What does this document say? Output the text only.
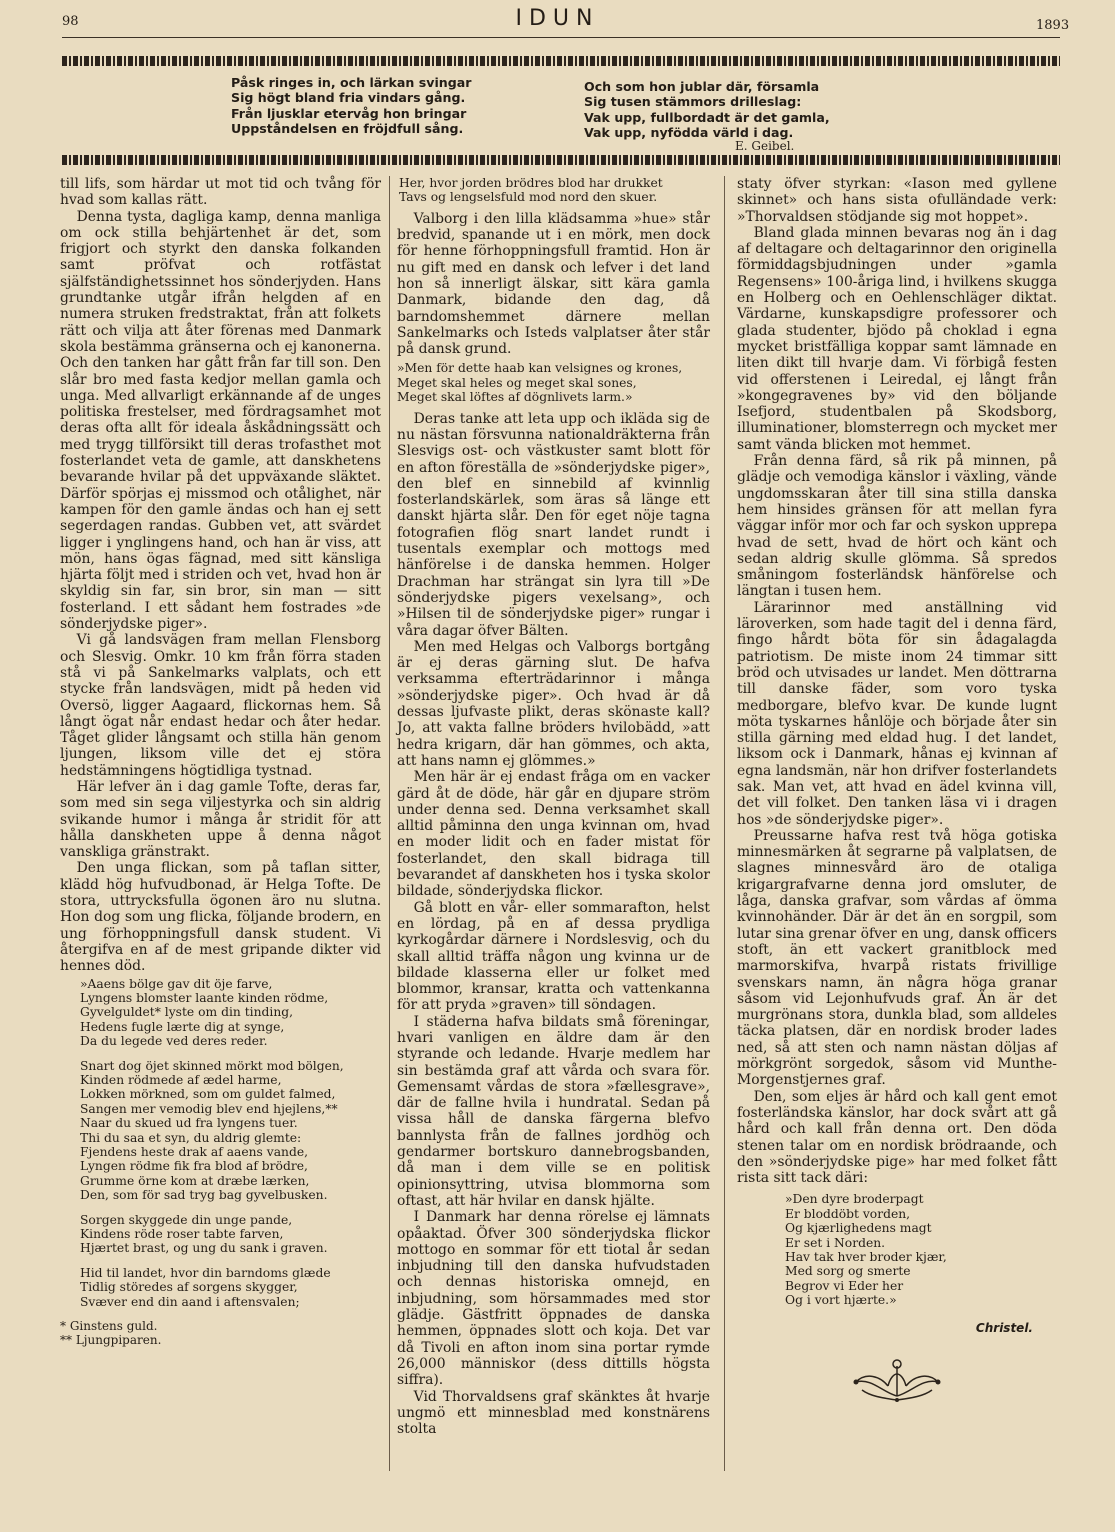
98	IDUN	1893

Påsk ringes in, och lärkan svingar

Sig högt bland fria vindars gång.

Från ljusklar etervåg hon bringar

Uppståndelsen en fröjdfull sång.

Och som hon jublar där, församla

Sig tusen stämmors drilleslag:

Vak upp, fullbordadt är det gamla,

Vak upp, nyfödda värld i dag.

E. Geibel.

till lifs, som härdar ut mot tid och tvång för hvad som kallas rätt.

Denna tysta, dagliga kamp, denna manliga om ock stilla behjärtenhet är det, som frigjort och styrkt den danska folkanden samt pröfvat och rotfästat själfständighetssinnet hos sönderjyden. Hans grundtanke utgår ifrån helgden af en numera struken fredstraktat, från att folkets rätt och vilja att åter förenas med Danmark skola bestämma gränserna och ej kanonerna. Och den tanken har gått från far till son. Den slår bro med fasta kedjor mellan gamla och unga. Med allvarligt erkännande af de unges politiska frestelser, med fördragsamhet mot deras ofta allt för ideala åskådningssätt och med trygg tillförsikt till deras trofasthet mot fosterlandet veta de gamle, att danskhetens bevarande hvilar på det uppväxande släktet. Därför spörjas ej missmod och otålighet, när kampen för den gamle ändas och han ej sett segerdagen randas. Gubben vet, att svärdet ligger i ynglingens hand, och han är viss, att mön, hans ögas fägnad, med sitt känsliga hjärta följt med i striden och vet, hvad hon är skyldig sin far, sin bror, sin man — sitt fosterland. I ett sådant hem fostrades »de sönderjydske piger».

Vi gå landsvägen fram mellan Flensborg och Slesvig. Omkr. 10 km från förra staden stå vi på Sankelmarks valplats, och ett stycke från landsvägen, midt på heden vid Oversö, ligger Aagaard, flickornas hem. Så långt ögat når endast hedar och åter hedar. Tåget glider långsamt och stilla hän genom ljungen, liksom ville det ej störa hedstämningens högtidliga tystnad.

Här lefver än i dag gamle Tofte, deras far, som med sin sega viljestyrka och sin aldrig svikande humor i många år stridit för att hålla danskheten uppe å denna något vanskliga gränstrakt.

Den unga flickan, som på taflan sitter, klädd hög hufvudbonad, är Helga Tofte. De stora, uttrycksfulla ögonen äro nu slutna. Hon dog som ung flicka, följande brodern, en ung förhoppningsfull dansk student. Vi återgifva en af de mest gripande dikter vid hennes död.

»Aaens bölge gav dit öje farve,

Lyngens blomster laante kinden rödme,

Gyvelguldet* lyste om din tinding,

Hedens fugle lærte dig at synge,

Da du legede ved deres reder.

Snart dog öjet skinned mörkt mod bölgen,

Kinden rödmede af ædel harme,

Lokken mörkned, som om guldet falmed,

Sangen mer vemodig blev end hjejlens,**

Naar du skued ud fra lyngens tuer.

Thi du saa et syn, du aldrig glemte:

Fjendens heste drak af aaens vande,

Lyngen rödme fik fra blod af brödre,

Grumme örne kom at dræbe lærken,

Den, som för sad tryg bag gyvelbusken.

Sorgen skyggede din unge pande,

Kindens röde roser tabte farven,

Hjærtet brast, og ung du sank i graven.

Hid til landet, hvor din barndoms glæde

Tidlig störedes af sorgens skygger,

Svæver end din aand i aftensvalen;

* Ginstens guld.

** Ljungpiparen.

Her, hvor jorden brödres blod har drukket

Tavs og lengselsfuld mod nord den skuer.

Valborg i den lilla klädsamma »hue» står bredvid, spanande ut i en mörk, men dock för henne förhoppningsfull framtid. Hon är nu gift med en dansk och lefver i det land hon så innerligt älskar, sitt kära gamla Danmark, bidande den dag, då barndomshemmet därnere mellan Sankelmarks och Isteds valplatser åter står på dansk grund.

»Men för dette haab kan velsignes og krones,

Meget skal heles og meget skal sones,

Meget skal löftes af dögnlivets larm.»

Deras tanke att leta upp och ikläda sig de nu nästan försvunna nationaldräkterna från Slesvigs ost- och västkuster samt blott för en afton föreställa de »sönderjydske piger», den blef en sinnebild af kvinnlig fosterlandskärlek, som äras så länge ett danskt hjärta slår. Den för eget nöje tagna fotografien flög snart landet rundt i tusentals exemplar och mottogs med hänförelse i de danska hemmen. Holger Drachman har strängat sin lyra till »De sönderjydske pigers vexelsang», och »Hilsen til de sönderjydske piger» rungar i våra dagar öfver Bälten.

Men med Helgas och Valborgs bortgång är ej deras gärning slut. De hafva verksamma efterträdarinnor i många »sönderjydske piger». Och hvad är då dessas ljufvaste plikt, deras skönaste kall? Jo, att vakta fallne bröders hvilobädd, »att hedra krigarn, där han gömmes, och akta, att hans namn ej glömmes.»

Men här är ej endast fråga om en vacker gärd åt de döde, här går en djupare ström under denna sed. Denna verksamhet skall alltid påminna den unga kvinnan om, hvad en moder lidit och en fader mistat för fosterlandet, den skall bidraga till bevarandet af danskheten hos i tyska skolor bildade, sönderjydska flickor.

Gå blott en vår- eller sommarafton, helst en lördag, på en af dessa prydliga kyrkogårdar därnere i Nordslesvig, och du skall alltid träffa någon ung kvinna ur de bildade klasserna eller ur folket med blommor, kransar, kratta och vattenkanna för att pryda »graven» till söndagen.

I städerna hafva bildats små föreningar, hvari vanligen en äldre dam är den styrande och ledande. Hvarje medlem har sin bestämda graf att vårda och svara för. Gemensamt vårdas de stora »fællesgrave», där de fallne hvila i hundratal. Sedan på vissa håll de danska färgerna blefvo bannlysta från de fallnes jordhög och gendarmer bortskuro dannebrogsbanden, då man i dem ville se en politisk opinionsyttring, utvisa blommorna som oftast, att här hvilar en dansk hjälte.

I Danmark har denna rörelse ej lämnats opåaktad. Öfver 300 sönderjydska flickor mottogo en sommar för ett tiotal år sedan inbjudning till den danska hufvudstaden och dennas historiska omnejd, en inbjudning, som hörsammades med stor glädje. Gästfritt öppnades de danska hemmen, öppnades slott och koja. Det var då Tivoli en afton inom sina portar rymde 26,000 människor (dess dittills högsta siffra).

Vid Thorvaldsens graf skänktes åt hvarje ungmö ett minnesblad med konstnärens stolta

staty öfver styrkan: «Iason med gyllene skinnet» och hans sista ofulländade verk: »Thorvaldsen stödjande sig mot hoppet».

Bland glada minnen bevaras nog än i dag af deltagare och deltagarinnor den originella förmiddagsbjudningen under »gamla Regensens» 100-åriga lind, i hvilkens skugga en Holberg och en Oehlenschläger diktat. Värdarne, kunskapsdigre professorer och glada studenter, bjödo på choklad i egna mycket bristfälliga koppar samt lämnade en liten dikt till hvarje dam. Vi förbigå festen vid offerstenen i Leiredal, ej långt från »kongegravenes by» vid den böljande Isefjord, studentbalen på Skodsborg, illuminationer, blomsterregn och mycket mer samt vända blicken mot hemmet.

Från denna färd, så rik på minnen, på glädje och vemodiga känslor i växling, vände ungdomsskaran åter till sina stilla danska hem hinsides gränsen för att mellan fyra väggar inför mor och far och syskon upprepa hvad de sett, hvad de hört och känt och sedan aldrig skulle glömma. Så spredos småningom fosterländsk hänförelse och längtan i tusen hem.

Lärarinnor med anställning vid läroverken, som hade tagit del i denna färd, fingo hårdt böta för sin ådagalagda patriotism. De miste inom 24 timmar sitt bröd och utvisades ur landet. Men döttrarna till danske fäder, som voro tyska medborgare, blefvo kvar. De kunde lugnt möta tyskarnes hånlöje och började åter sin stilla gärning med eldad hug. I det landet, liksom ock i Danmark, hånas ej kvinnan af egna landsmän, när hon drifver fosterlandets sak. Man vet, att hvad en ädel kvinna vill, det vill folket. Den tanken läsa vi i dragen hos »de sönderjydske piger».

Preussarne hafva rest två höga gotiska minnesmärken åt segrarne på valplatsen, de slagnes minnesvård äro de otaliga krigargrafvarne denna jord omsluter, de låga, danska grafvar, som vårdas af ömma kvinnohänder. Där är det än en sorgpil, som lutar sina grenar öfver en ung, dansk officers stoft, än ett vackert granitblock med marmorskifva, hvarpå ristats frivillige svenskars namn, än några höga granar såsom vid Lejonhufvuds graf. Än är det murgrönans stora, dunkla blad, som alldeles täcka platsen, där en nordisk broder lades ned, så att sten och namn nästan döljas af mörkgrönt sorgedok, såsom vid Munthe-Morgenstjernes graf.

Den, som eljes är hård och kall gent emot fosterländska känslor, har dock svårt att gå hård och kall från denna ort. Den döda stenen talar om en nordisk brödraande, och den »sönderjydske pige» har med folket fått rista sitt tack däri:

»Den dyre broderpagt

Er bloddöbt vorden,

Og kjærlighedens magt

Er set i Norden.

Hav tak hver broder kjær,

Med sorg og smerte

Begrov vi Eder her

Og i vort hjærte.»

Christel.
